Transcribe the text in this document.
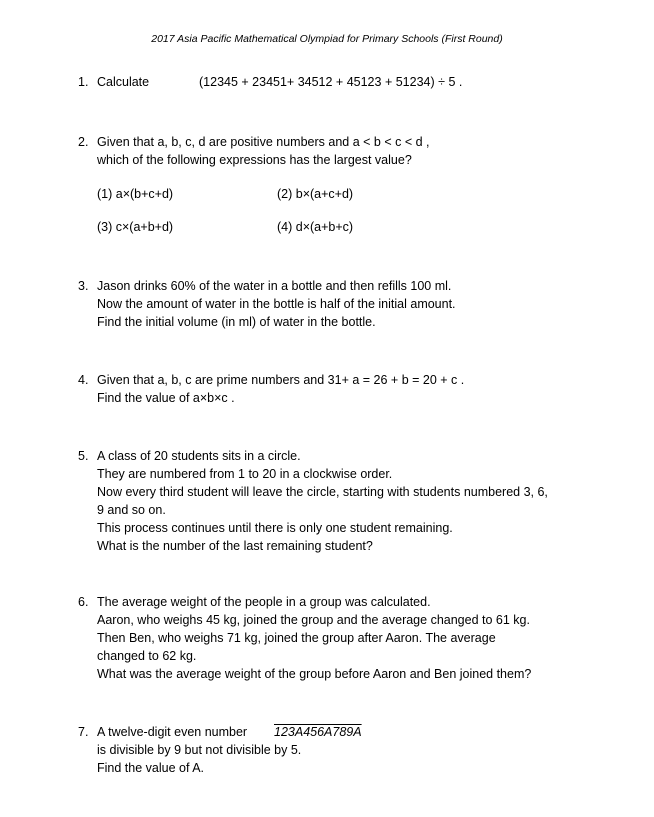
2017 Asia Pacific Mathematical Olympiad for Primary Schools (First Round)
1. Calculate	(12345 + 23451+ 34512 + 45123 + 51234) ÷ 5 .
2. Given that a, b, c, d are positive numbers and a < b < c < d ,
which of the following expressions has the largest value?
(1) a×(b+c+d)	(2) b×(a+c+d)
(3) c×(a+b+d)	(4) d×(a+b+c)
3. Jason drinks 60% of the water in a bottle and then refills 100 ml.
Now the amount of water in the bottle is half of the initial amount.
Find the initial volume (in ml) of water in the bottle.
4. Given that a, b, c are prime numbers and 31+ a = 26 + b = 20 + c .
Find the value of a×b×c .
5. A class of 20 students sits in a circle.
They are numbered from 1 to 20 in a clockwise order.
Now every third student will leave the circle, starting with students numbered 3, 6,
9 and so on.
This process continues until there is only one student remaining.
What is the number of the last remaining student?
6. The average weight of the people in a group was calculated.
Aaron, who weighs 45 kg, joined the group and the average changed to 61 kg.
Then Ben, who weighs 71 kg, joined the group after Aaron. The average
changed to 62 kg.
What was the average weight of the group before Aaron and Ben joined them?
7. A twelve-digit even number	123A456A789A
is divisible by 9 but not divisible by 5.
Find the value of A.
